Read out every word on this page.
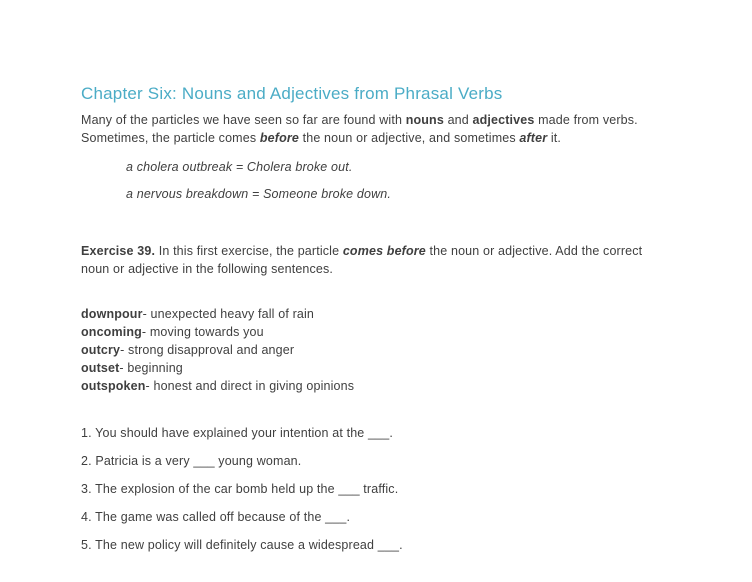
Chapter Six: Nouns and Adjectives from Phrasal Verbs

Many of the particles we have seen so far are found with nouns and adjectives made from verbs. Sometimes, the particle comes before the noun or adjective, and sometimes after it.

a cholera outbreak = Cholera broke out.

a nervous breakdown = Someone broke down.

Exercise 39. In this first exercise, the particle comes before the noun or adjective. Add the correct noun or adjective in the following sentences.

downpour- unexpected heavy fall of rain

oncoming- moving towards you

outcry- strong disapproval and anger

outset- beginning

outspoken- honest and direct in giving opinions

1. You should have explained your intention at the ___.

2. Patricia is a very ___ young woman.

3. The explosion of the car bomb held up the ___ traffic.

4. The game was called off because of the ___.

5. The new policy will definitely cause a widespread ___.
